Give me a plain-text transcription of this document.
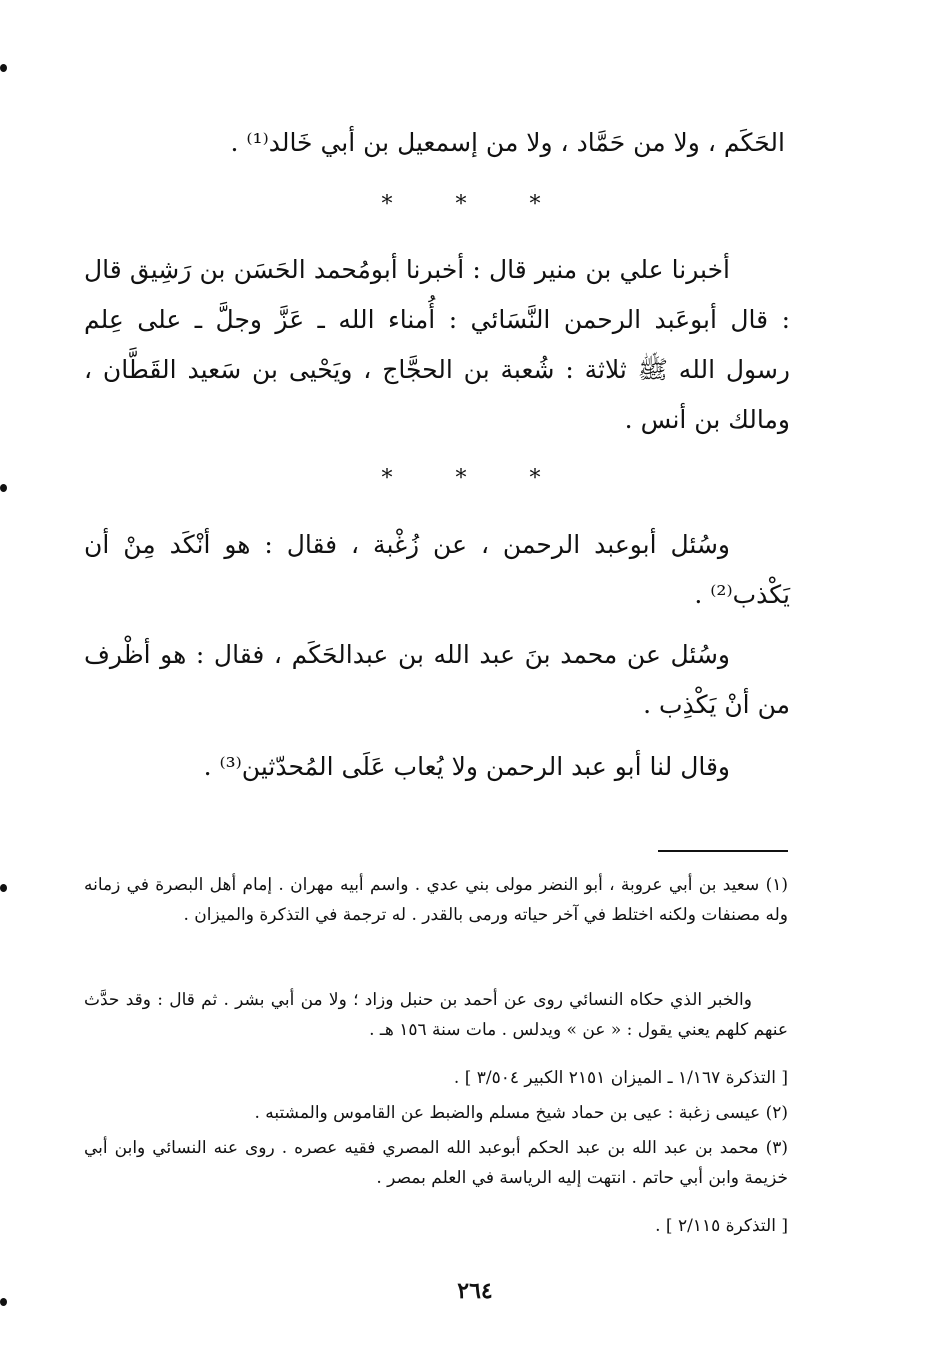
الحَكَم ، ولا من حَمَّاد ، ولا من إسمعيل بن أبي خَالد⁽¹⁾ .
* * *
أخبرنا علي بن منير قال : أخبرنا أبومُحمد الحَسَن بن رَشِيق قال : قال أبوعَبد الرحمن النَّسَائي : أُمناء الله ـ عَزَّ وجلَّ ـ على عِلم رسول الله ﷺ ثلاثة : شُعبة بن الحجَّاج ، ويَحْيى بن سَعيد القَطَّان ، ومالك بن أنس .
* * *
وسُئل أبوعبد الرحمن ، عن زُغْبة ، فقال : هو أنْكَد مِنْ أن يَكْذب⁽²⁾ .
وسُئل عن محمد بنَ عبد الله بن عبدالحَكَم ، فقال : هو أظْرف من أنْ يَكْذِب .
وقال لنا أبو عبد الرحمن ولا يُعاب عَلَى المُحدّثين⁽³⁾ .
(١) سعيد بن أبي عروبة ، أبو النضر مولى بني عدي . واسم أبيه مهران . إمام أهل البصرة في زمانه وله مصنفات ولكنه اختلط في آخر حياته ورمى بالقدر . له ترجمة في التذكرة والميزان .
والخبر الذي حكاه النسائي روى عن أحمد بن حنبل وزاد ؛ ولا من أبي بشر . ثم قال : وقد حدَّث عنهم كلهم يعني يقول : « عن » ويدلس . مات سنة ١٥٦ هـ .
[ التذكرة ١/١٦٧ ـ الميزان ٢١٥١ الكبير ٣/٥٠٤ ] .
(٢) عيسى زغبة : عيى بن حماد شيخ مسلم والضبط عن القاموس والمشتبه .
(٣) محمد بن عبد الله بن عبد الحكم أبوعبد الله المصري فقيه عصره . روى عنه النسائي وابن أبي خزيمة وابن أبي حاتم . انتهت إليه الرياسة في العلم بمصر .
[ التذكرة ٢/١١٥ ] .
٢٦٤
